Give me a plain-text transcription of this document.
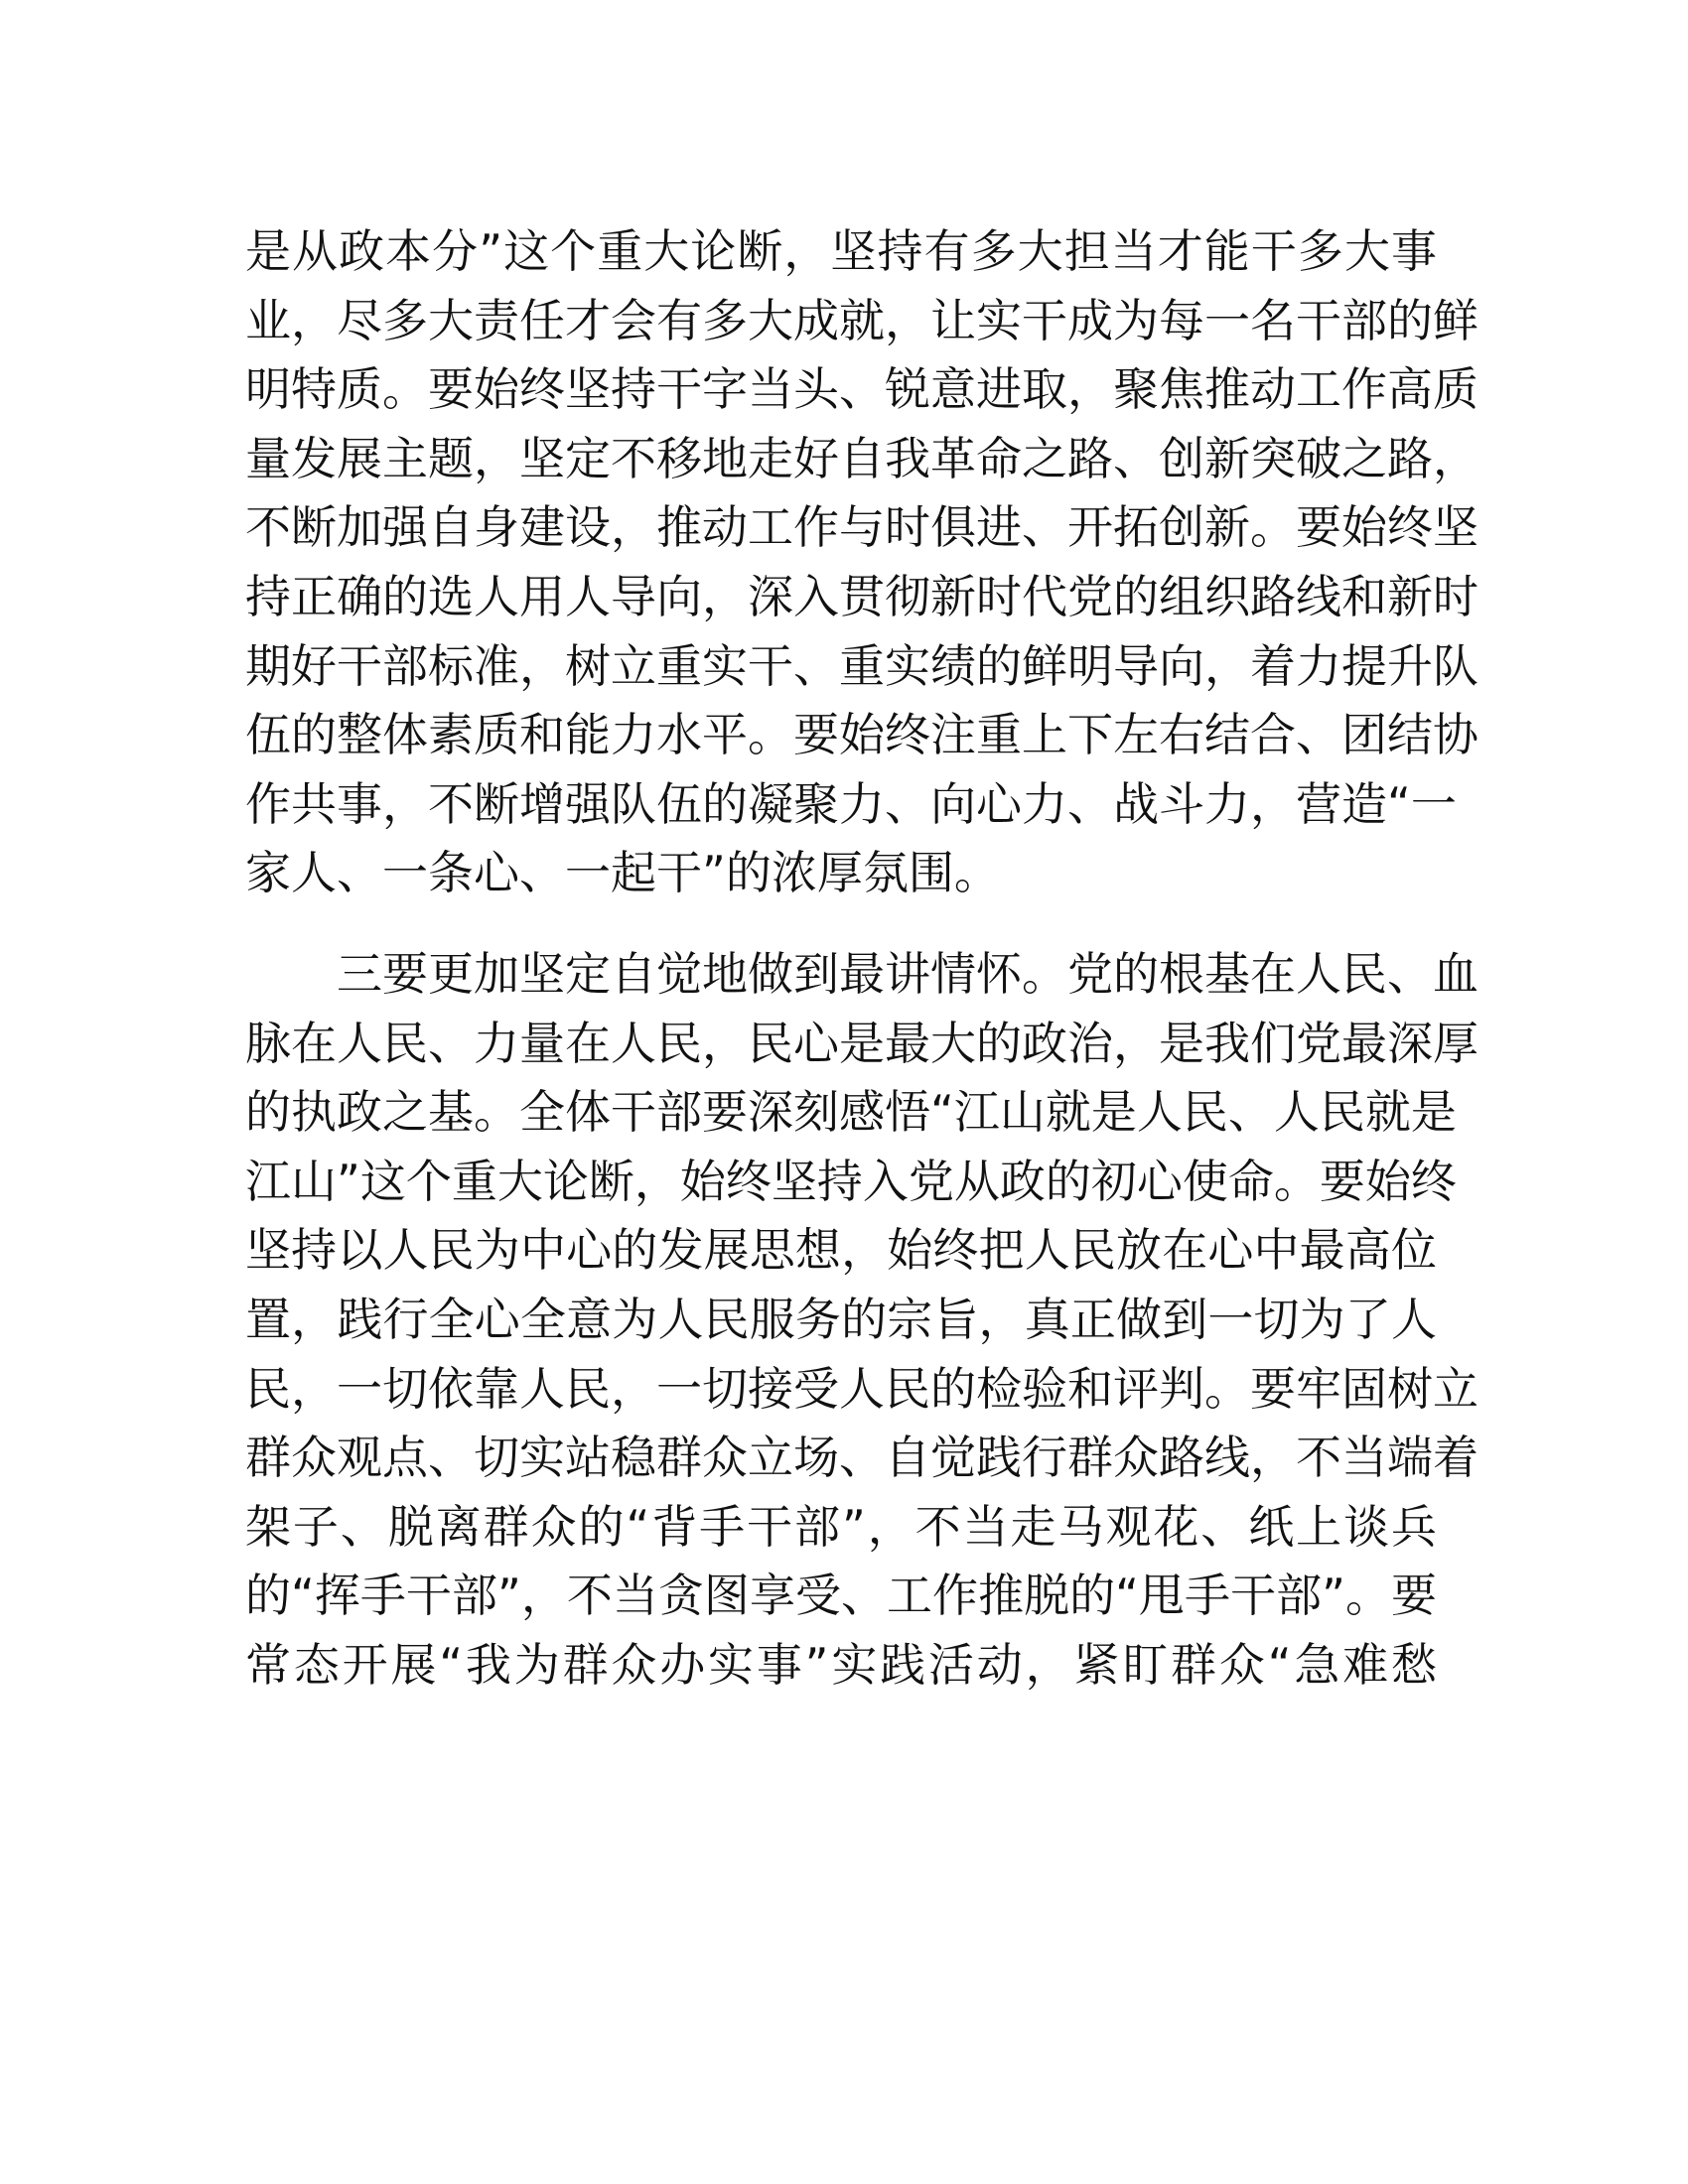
是从政本分”这个重大论断，坚持有多大担当才能干多大事
业，尽多大责任才会有多大成就，让实干成为每一名干部的鲜
明特质。要始终坚持干字当头、锐意进取，聚焦推动工作高质
量发展主题，坚定不移地走好自我革命之路、创新突破之路，
不断加强自身建设，推动工作与时俱进、开拓创新。要始终坚
持正确的选人用人导向，深入贯彻新时代党的组织路线和新时
期好干部标准，树立重实干、重实绩的鲜明导向，着力提升队
伍的整体素质和能力水平。要始终注重上下左右结合、团结协
作共事，不断增强队伍的凝聚力、向心力、战斗力，营造“一
家人、一条心、一起干”的浓厚氛围。
三要更加坚定自觉地做到最讲情怀。党的根基在人民、血
脉在人民、力量在人民，民心是最大的政治，是我们党最深厚
的执政之基。全体干部要深刻感悟“江山就是人民、人民就是
江山”这个重大论断，始终坚持入党从政的初心使命。要始终
坚持以人民为中心的发展思想，始终把人民放在心中最高位
置，践行全心全意为人民服务的宗旨，真正做到一切为了人
民，一切依靠人民，一切接受人民的检验和评判。要牢固树立
群众观点、切实站稳群众立场、自觉践行群众路线，不当端着
架子、脱离群众的“背手干部”，不当走马观花、纸上谈兵
的“挥手干部”，不当贪图享受、工作推脱的“甩手干部”。要
常态开展“我为群众办实事”实践活动，紧盯群众“急难愁
